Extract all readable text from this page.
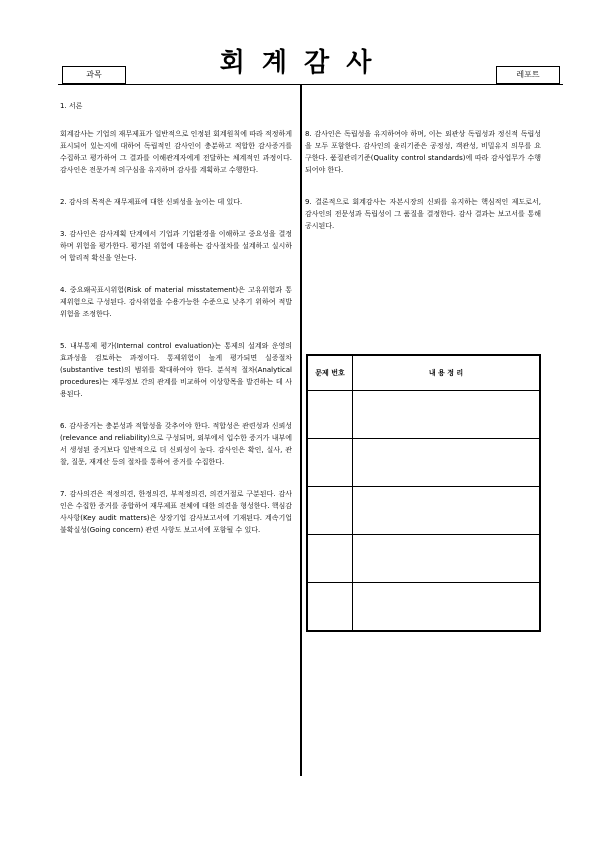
회 계 감 사
과목	레포트

1. 서론

회계감사는 기업의 재무제표가 일반적으로 인정된 회계원칙에 따라 적정하게 표시되어 있는지에 대하여 독립적인 감사인이 충분하고 적합한 감사증거를 수집하고 평가하여 그 결과를 이해관계자에게 전달하는 체계적인 과정이다. 감사인은 전문가적 의구심을 유지하며 감사를 계획하고 수행한다.

2. 감사의 목적은 재무제표에 대한 신뢰성을 높이는 데 있다.

3. 감사인은 감사계획 단계에서 기업과 기업환경을 이해하고 중요성을 결정하며 위험을 평가한다. 평가된 위험에 대응하는 감사절차를 설계하고 실시하여 합리적 확신을 얻는다.

4. 중요왜곡표시위험(Risk of material misstatement)은 고유위험과 통제위험으로 구성된다. 감사위험을 수용가능한 수준으로 낮추기 위하여 적발위험을 조정한다.

5. 내부통제 평가(Internal control evaluation)는 통제의 설계와 운영의 효과성을 검토하는 과정이다. 통제위험이 높게 평가되면 실증절차(substantive test)의 범위를 확대하여야 한다. 분석적 절차(Analytical procedures)는 재무정보 간의 관계를 비교하여 이상항목을 발견하는 데 사용된다.

6. 감사증거는 충분성과 적합성을 갖추어야 한다. 적합성은 관련성과 신뢰성(relevance and reliability)으로 구성되며, 외부에서 입수한 증거가 내부에서 생성된 증거보다 일반적으로 더 신뢰성이 높다. 감사인은 확인, 실사, 관찰, 질문, 재계산 등의 절차를 통하여 증거를 수집한다.

7. 감사의견은 적정의견, 한정의견, 부적정의견, 의견거절로 구분된다. 감사인은 수집한 증거를 종합하여 재무제표 전체에 대한 의견을 형성한다. 핵심감사사항(Key audit matters)은 상장기업 감사보고서에 기재된다. 계속기업 불확실성(Going concern) 관련 사항도 보고서에 포함될 수 있다.

8. 감사인은 독립성을 유지하여야 하며, 이는 외관상 독립성과 정신적 독립성을 모두 포함한다. 감사인의 윤리기준은 공정성, 객관성, 비밀유지 의무를 요구한다. 품질관리기준(Quality control standards)에 따라 감사업무가 수행되어야 한다.

9. 결론적으로 회계감사는 자본시장의 신뢰를 유지하는 핵심적인 제도로서, 감사인의 전문성과 독립성이 그 품질을 결정한다. 감사 결과는 보고서를 통해 공시된다.

문제 번호	내 용 정 리
